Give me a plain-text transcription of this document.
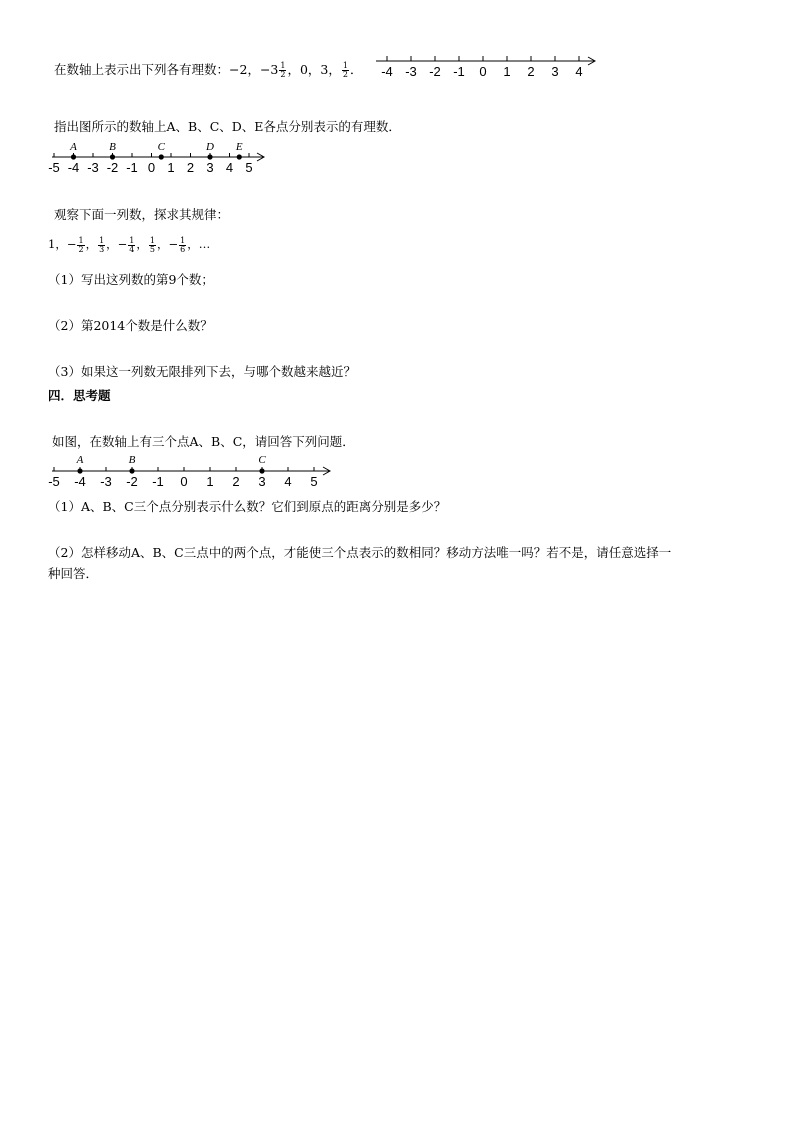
在数轴上表示出下列各有理数：−2，$-3 \frac{1}{2}$ ，0，3， $\frac{1}{2}$ ． -4 -3 -2 -1 0 1 2 3 4
指出图所示的数轴上A、B、C、D、E各点分别表示的有理数．
-5 -4 -3 -2 -1 0 1 2 3 4 5
A	B	C	D E
观察下面一列数，探求其规律：
1，− $\frac{1}{2}$ ， $\frac{1}{3}$ ，− $\frac{1}{4}$ ， $\frac{1}{5}$ ，− $\frac{1}{6}$ ，…
（1）写出这列数的第9个数；
（2）第2014个数是什么数？
（3）如果这一列数无限排列下去，与哪个数越来越近？
四．思考题
如图，在数轴上有三个点A、B、C，请回答下列问题．
-5 -4 -3 -2 -1 0 1 2 3 4 5
A	B	C
（1）A、B、C三个点分别表示什么数？它们到原点的距离分别是多少？
（2）怎样移动A、B、C三点中的两个点，才能使三个点表示的数相同？移动方法唯一吗？若不是，请任意选择一
种回答．
